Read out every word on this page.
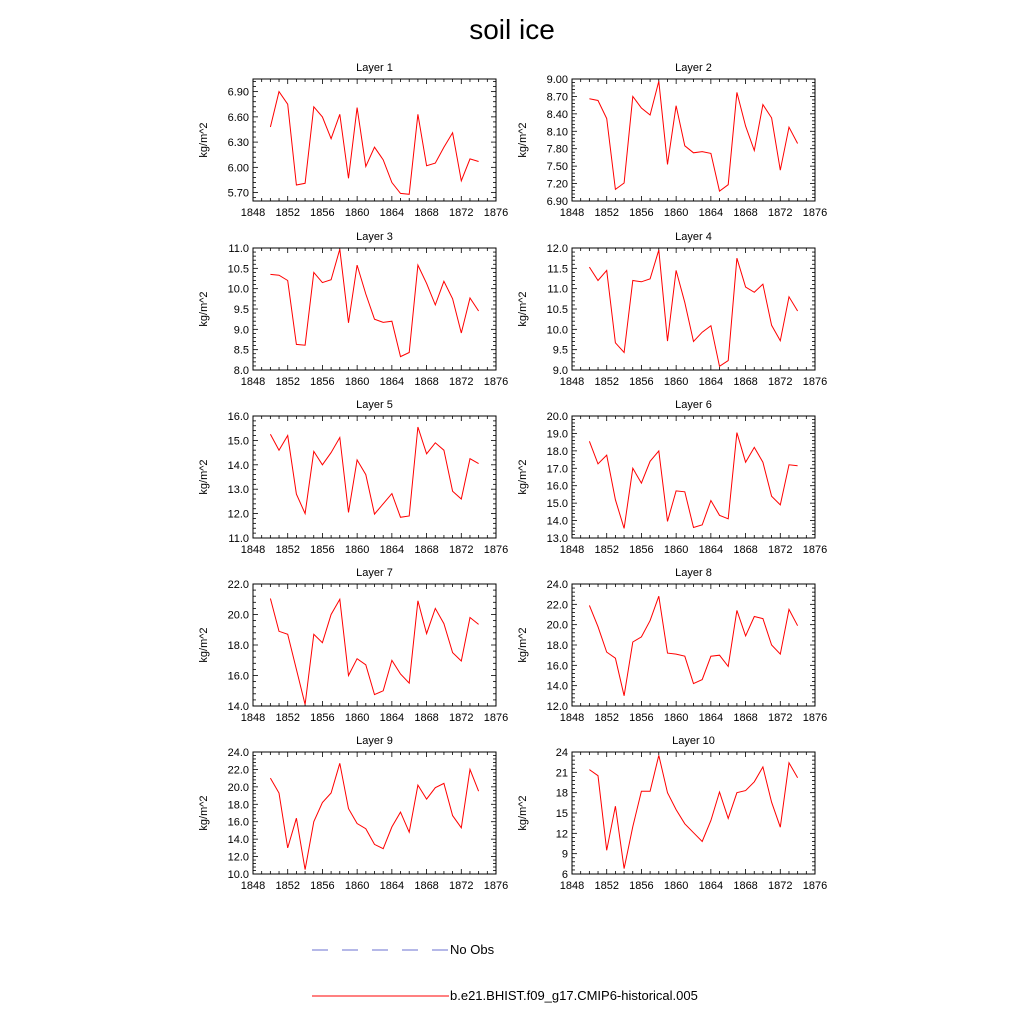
soil ice
Layer 1
kg/m^2
1848 1852 1856 1860 1864 1868 1872 1876
5.70
6.00
6.30
6.60
6.90
Layer 2
kg/m^2
1848 1852 1856 1860 1864 1868 1872 1876
6.90
7.20
7.50
7.80
8.10
8.40
8.70
9.00
Layer 3
kg/m^2
1848 1852 1856 1860 1864 1868 1872 1876
8.0
8.5
9.0
9.5
10.0
10.5
11.0
Layer 4
kg/m^2
1848 1852 1856 1860 1864 1868 1872 1876
9.0
9.5
10.0
10.5
11.0
11.5
12.0
Layer 5
kg/m^2
1848 1852 1856 1860 1864 1868 1872 1876
11.0
12.0
13.0
14.0
15.0
16.0
Layer 6
kg/m^2
1848 1852 1856 1860 1864 1868 1872 1876
13.0
14.0
15.0
16.0
17.0
18.0
19.0
20.0
Layer 7
kg/m^2
1848 1852 1856 1860 1864 1868 1872 1876
14.0
16.0
18.0
20.0
22.0
Layer 8
kg/m^2
1848 1852 1856 1860 1864 1868 1872 1876
12.0
14.0
16.0
18.0
20.0
22.0
24.0
Layer 9
kg/m^2
1848 1852 1856 1860 1864 1868 1872 1876
10.0
12.0
14.0
16.0
18.0
20.0
22.0
24.0
Layer 10
kg/m^2
1848 1852 1856 1860 1864 1868 1872 1876
6
9
12
15
18
21
24
No Obs
b.e21.BHIST.f09_g17.CMIP6-historical.005
